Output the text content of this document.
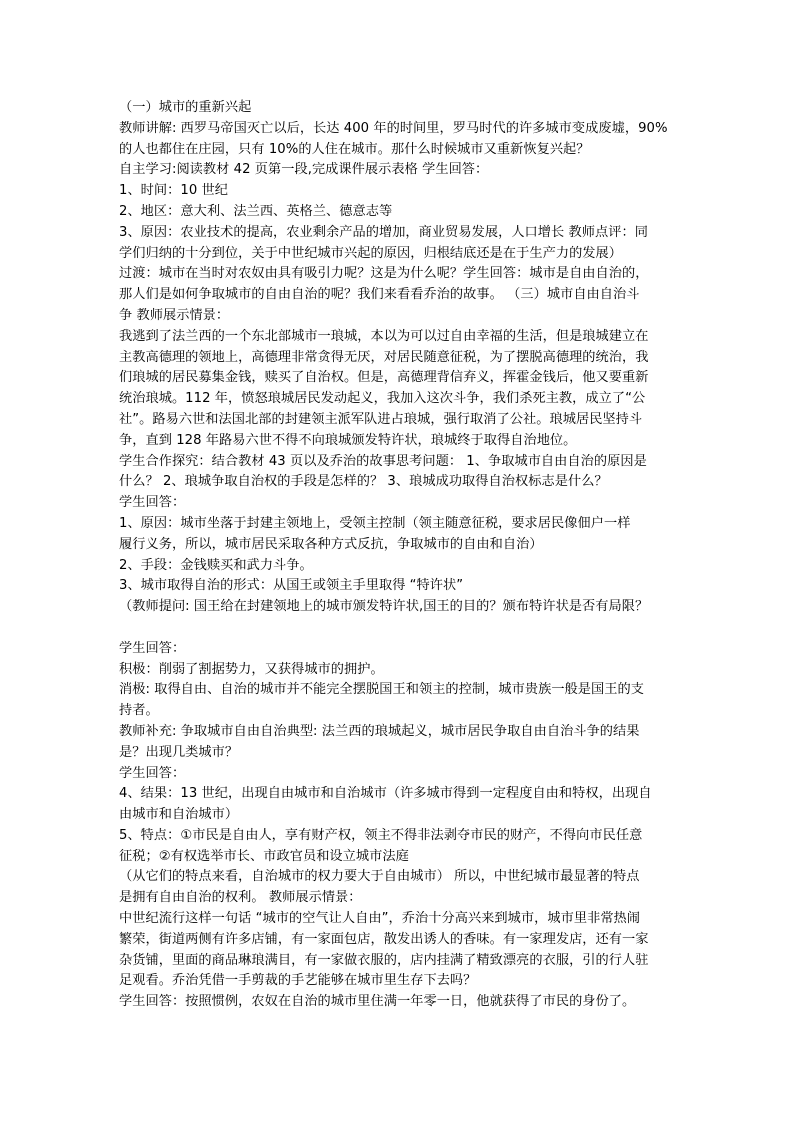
（一）城市的重新兴起
教师讲解: 西罗马帝国灭亡以后，长达 400 年的时间里，罗马时代的许多城市变成废墟，90%
的人也都住在庄园，只有 10%的人住在城市。那什么时候城市又重新恢复兴起？
自主学习:阅读教材 42 页第一段,完成课件展示表格 学生回答：
1、时间：10 世纪
2、地区：意大利、法兰西、英格兰、德意志等
3、原因：农业技术的提高，农业剩余产品的增加，商业贸易发展，人口增长 教师点评：同
学们归纳的十分到位，关于中世纪城市兴起的原因，归根结底还是在于生产力的发展）
过渡：城市在当时对农奴由具有吸引力呢？这是为什么呢？学生回答：城市是自由自治的，
那人们是如何争取城市的自由自治的呢？我们来看看乔治的故事。 （三）城市自由自治斗
争 教师展示情景：
我逃到了法兰西的一个东北部城市一琅城，本以为可以过自由幸福的生活，但是琅城建立在
主教高德理的领地上，高德理非常贪得无厌，对居民随意征税，为了摆脱高德理的统治，我
们琅城的居民募集金钱，赎买了自治权。但是，高德理背信弃义，挥霍金钱后，他又要重新
统治琅城。112 年，愤怒琅城居民发动起义，我加入这次斗争，我们杀死主教，成立了“公
社”。路易六世和法国北部的封建领主派军队进占琅城，强行取消了公社。琅城居民坚持斗
争，直到 128 年路易六世不得不向琅城颁发特许状，琅城终于取得自治地位。
学生合作探究：结合教材 43 页以及乔治的故事思考问题： 1、争取城市自由自治的原因是
什么？ 2、琅城争取自治权的手段是怎样的？ 3、琅城成功取得自治权标志是什么？
学生回答：
1、原因：城市坐落于封建主领地上，受领主控制（领主随意征税，要求居民像佃户一样
履行义务，所以，城市居民采取各种方式反抗，争取城市的自由和自治）
2、手段：金钱赎买和武力斗争。
3、城市取得自治的形式：从国王或领主手里取得 “特许状”
（教师提问: 国王给在封建领地上的城市颁发特许状,国王的目的？颁布特许状是否有局限？
学生回答：
积极：削弱了割据势力，又获得城市的拥护。
消极: 取得自由、自治的城市并不能完全摆脱国王和领主的控制，城市贵族一般是国王的支
持者。
教师补充: 争取城市自由自治典型: 法兰西的琅城起义，城市居民争取自由自治斗争的结果
是？出现几类城市？
学生回答：
4、结果：13 世纪，出现自由城市和自治城市（许多城市得到一定程度自由和特权，出现自
由城市和自治城市）
5、特点：①市民是自由人，享有财产权，领主不得非法剥夺市民的财产，不得向市民任意
征税；②有权选举市长、市政官员和设立城市法庭
（从它们的特点来看，自治城市的权力要大于自由城市） 所以，中世纪城市最显著的特点
是拥有自由自治的权利。 教师展示情景：
中世纪流行这样一句话 “城市的空气让人自由”，乔治十分高兴来到城市，城市里非常热闹
繁荣，街道两侧有许多店铺，有一家面包店，散发出诱人的香味。有一家理发店，还有一家
杂货铺，里面的商品琳琅满目，有一家做衣服的，店内挂满了精致漂亮的衣服，引的行人驻
足观看。乔治凭借一手剪裁的手艺能够在城市里生存下去吗？
学生回答：按照惯例，农奴在自治的城市里住满一年零一日，他就获得了市民的身份了。
